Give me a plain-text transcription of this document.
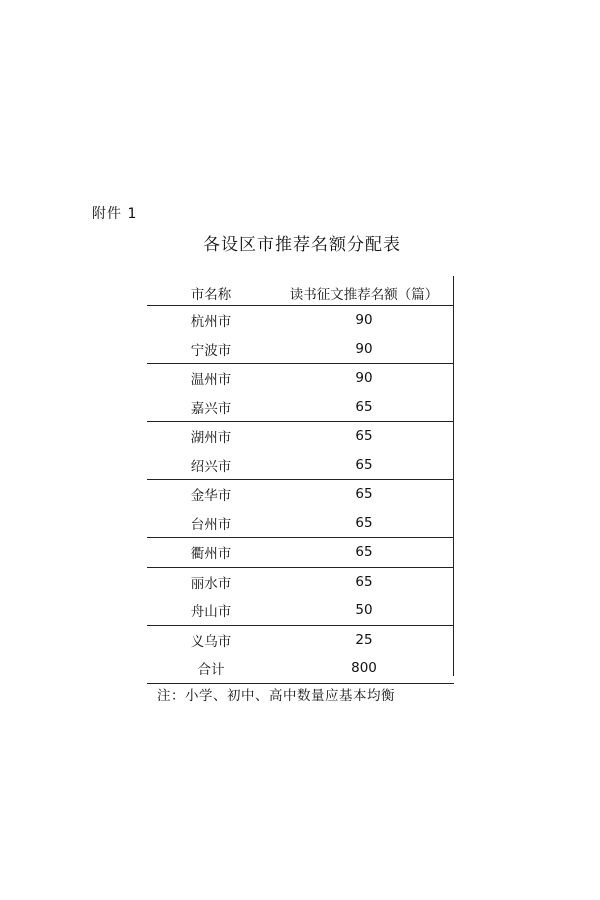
附件 1
各设区市推荐名额分配表
市名称	读书征文推荐名额（篇）
杭州市	90
宁波市	90
温州市	90
嘉兴市	65
湖州市	65
绍兴市	65
金华市	65
台州市	65
衢州市	65
丽水市	65
舟山市	50
义乌市	25
合计	800
注：小学、初中、高中数量应基本均衡
